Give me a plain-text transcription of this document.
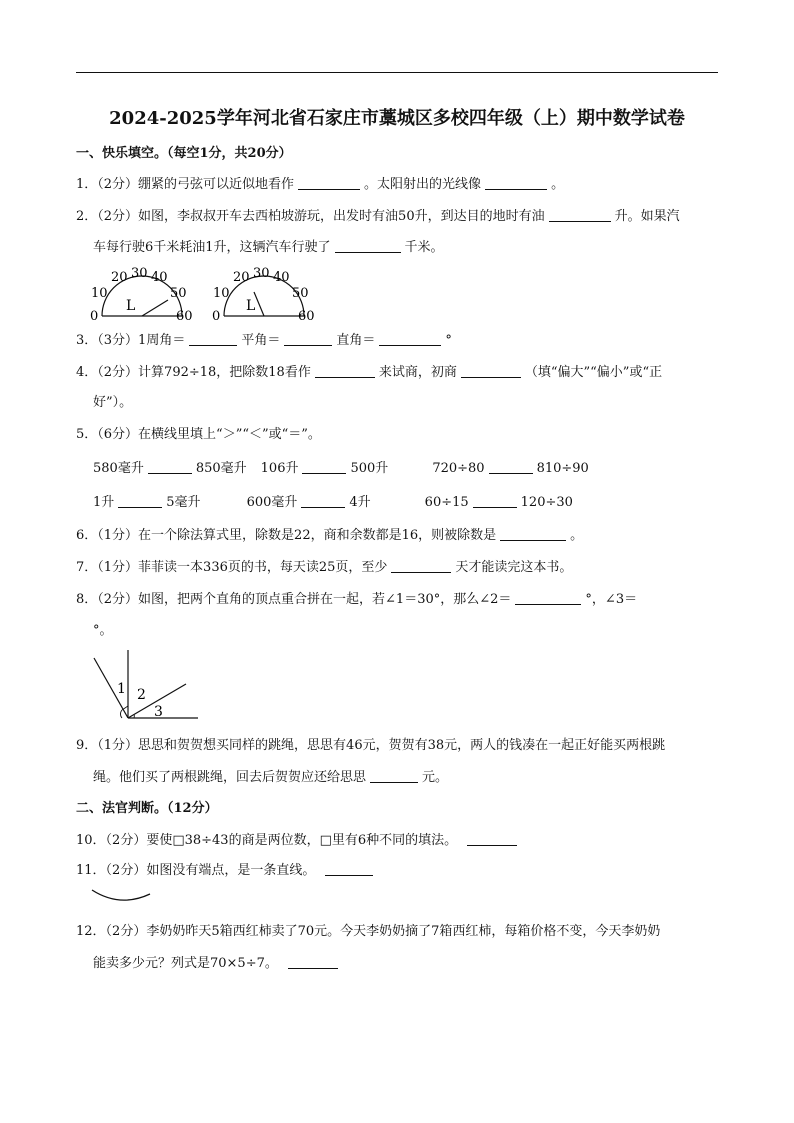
2024-2025学年河北省石家庄市藁城区多校四年级（上）期中数学试卷
一、快乐填空。（每空1分，共20分）
1．（2分）绷紧的弓弦可以近似地看作	。太阳射出的光线像	。
2．（2分）如图，李叔叔开车去西柏坡游玩，出发时有油50升，到达目的地时有油	升。如果汽
车每行驶6千米耗油1升，这辆汽车行驶了	千米。
0
10
20 30 40
50
60
L
0
10
20 30 40
50
60
L
3．（3分）1周角＝	平角＝	直角＝	°
4．（2分）计算792÷18，把除数18看作	来试商，初商	（填“偏大”“偏小”或“正
好”）。
5．（6分）在横线里填上“＞”“＜”或“＝”。
580毫升	850毫升 106升	500升	720÷80	810÷90
1升	5毫升	600毫升	4升	60÷15	120÷30
6．（1分）在一个除法算式里，除数是22，商和余数都是16，则被除数是	。
7．（1分）菲菲读一本336页的书，每天读25页，至少	天才能读完这本书。
8．（2分）如图，把两个直角的顶点重合拼在一起，若∠1＝30°，那么∠2＝	°，∠3＝
°。
1 2
3
9．（1分）思思和贺贺想买同样的跳绳，思思有46元，贺贺有38元，两人的钱凑在一起正好能买两根跳
绳。他们买了两根跳绳，回去后贺贺应还给思思	元。
二、法官判断。（12分）
10．（2分）要使□38÷43的商是两位数，□里有6种不同的填法。
11．（2分）如图没有端点，是一条直线。
12．（2分）李奶奶昨天5箱西红柿卖了70元。今天李奶奶摘了7箱西红柿，每箱价格不变，今天李奶奶
能卖多少元？列式是70×5÷7。
